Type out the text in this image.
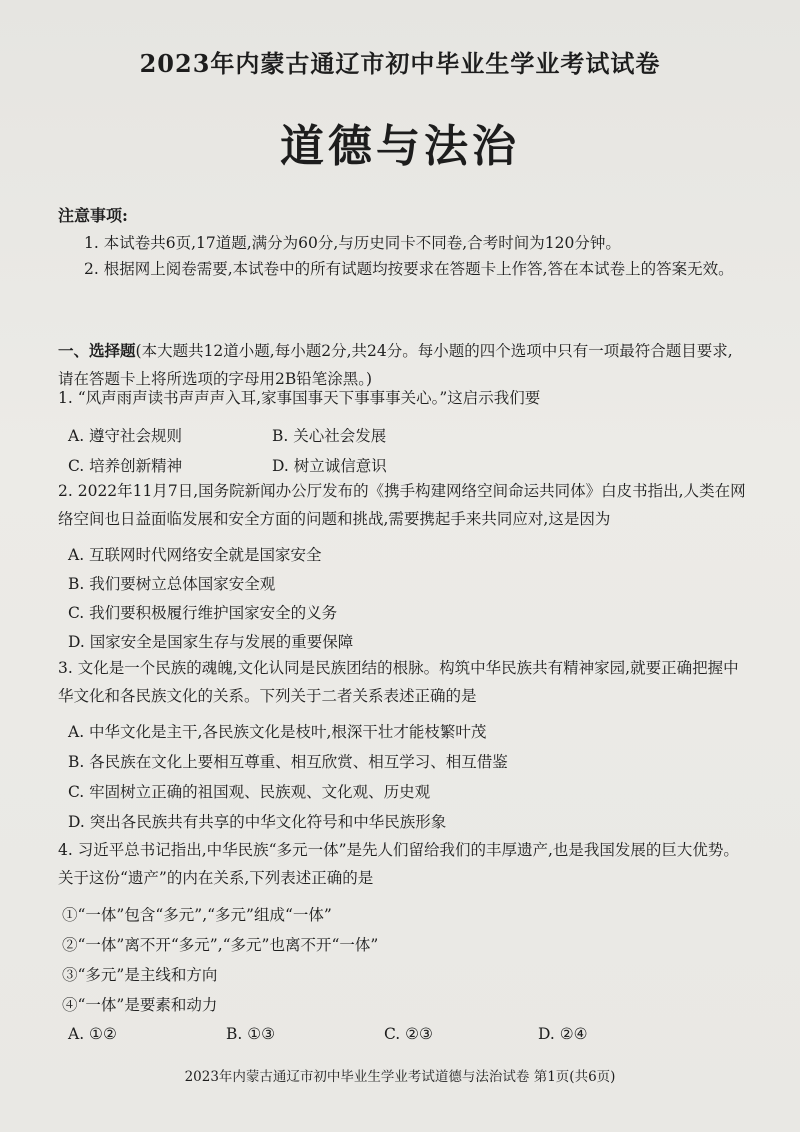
2023年内蒙古通辽市初中毕业生学业考试试卷
道德与法治
注意事项:
1. 本试卷共6页,17道题,满分为60分,与历史同卡不同卷,合考时间为120分钟。
2. 根据网上阅卷需要,本试卷中的所有试题均按要求在答题卡上作答,答在本试卷上的答案无效。
一、选择题(本大题共12道小题,每小题2分,共24分。每小题的四个选项中只有一项最符合题目要求,请在答题卡上将所选项的字母用2B铅笔涂黑。)
1. “风声雨声读书声声声入耳,家事国事天下事事事关心。”这启示我们要
A. 遵守社会规则	B. 关心社会发展
C. 培养创新精神	D. 树立诚信意识
2. 2022年11月7日,国务院新闻办公厅发布的《携手构建网络空间命运共同体》白皮书指出,人类在网络空间也日益面临发展和安全方面的问题和挑战,需要携起手来共同应对,这是因为
A. 互联网时代网络安全就是国家安全
B. 我们要树立总体国家安全观
C. 我们要积极履行维护国家安全的义务
D. 国家安全是国家生存与发展的重要保障
3. 文化是一个民族的魂魄,文化认同是民族团结的根脉。构筑中华民族共有精神家园,就要正确把握中华文化和各民族文化的关系。下列关于二者关系表述正确的是
A. 中华文化是主干,各民族文化是枝叶,根深干壮才能枝繁叶茂
B. 各民族在文化上要相互尊重、相互欣赏、相互学习、相互借鉴
C. 牢固树立正确的祖国观、民族观、文化观、历史观
D. 突出各民族共有共享的中华文化符号和中华民族形象
4. 习近平总书记指出,中华民族“多元一体”是先人们留给我们的丰厚遗产,也是我国发展的巨大优势。关于这份“遗产”的内在关系,下列表述正确的是
①“一体”包含“多元”,“多元”组成“一体”
②“一体”离不开“多元”,“多元”也离不开“一体”
③“多元”是主线和方向
④“一体”是要素和动力
A. ①②	B. ①③	C. ②③	D. ②④
2023年内蒙古通辽市初中毕业生学业考试道德与法治试卷 第1页(共6页)
